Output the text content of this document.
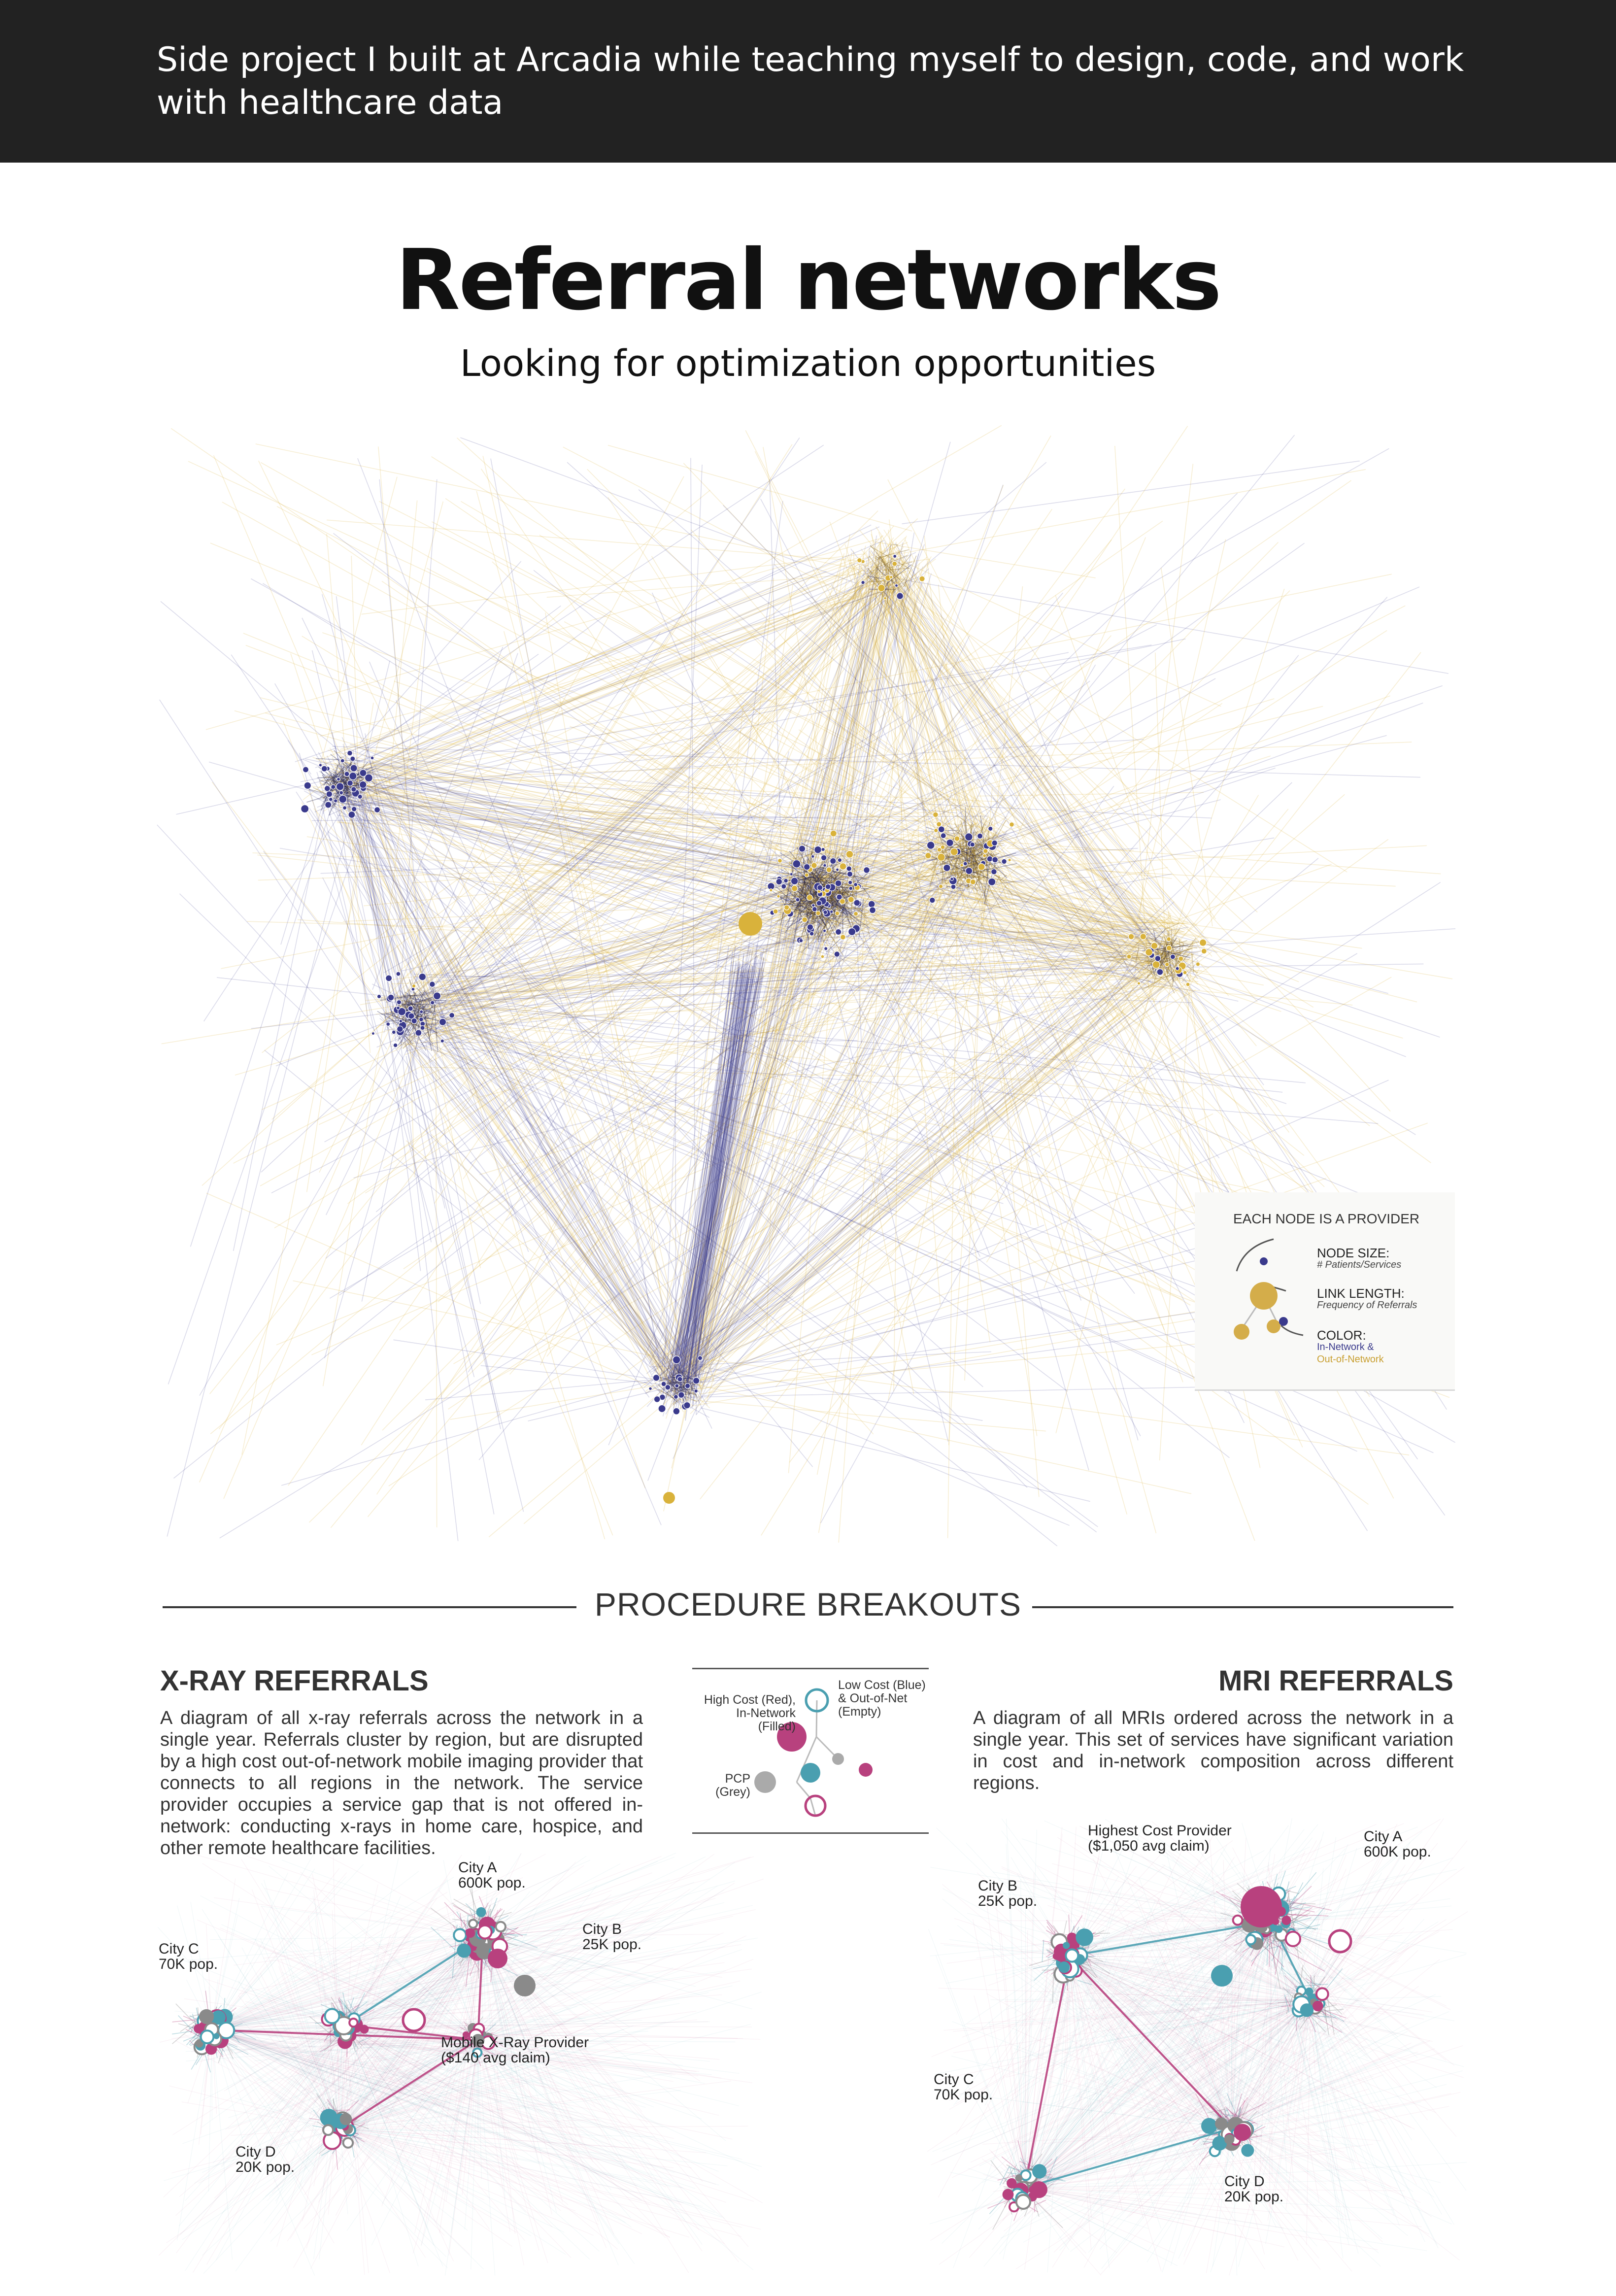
Side project I built at Arcadia while teaching myself to design, code, and work with healthcare data
Referral networks
Looking for optimization opportunities
EACH NODE IS A PROVIDER
NODE SIZE:
# Patients/Services
LINK LENGTH:
Frequency of Referrals
COLOR:
In-Network &
Out-of-Network
PROCEDURE BREAKOUTS
X-RAY REFERRALS
A diagram of all x-ray referrals across the network in a single year. Referrals cluster by region, but are disrupted by a high cost out-of-network mobile imaging provider that connects to all regions in the network. The service provider occupies a service gap that is not offered in-network: conducting x-rays in home care, hospice, and other remote healthcare facilities.
MRI REFERRALS
A diagram of all MRIs ordered across the network in a single year. This set of services have significant variation in cost and in-network composition across different regions.
High Cost (Red),
In-Network
(Filled)
Low Cost (Blue)
& Out-of-Net
(Empty)
PCP
(Grey)
City A
600K pop.
City B
25K pop.
City C
70K pop.
City D
20K pop.
Mobile X-Ray Provider
($140 avg claim)
Highest Cost Provider
($1,050 avg claim)
City A
600K pop.
City B
25K pop.
City C
70K pop.
City D
20K pop.
